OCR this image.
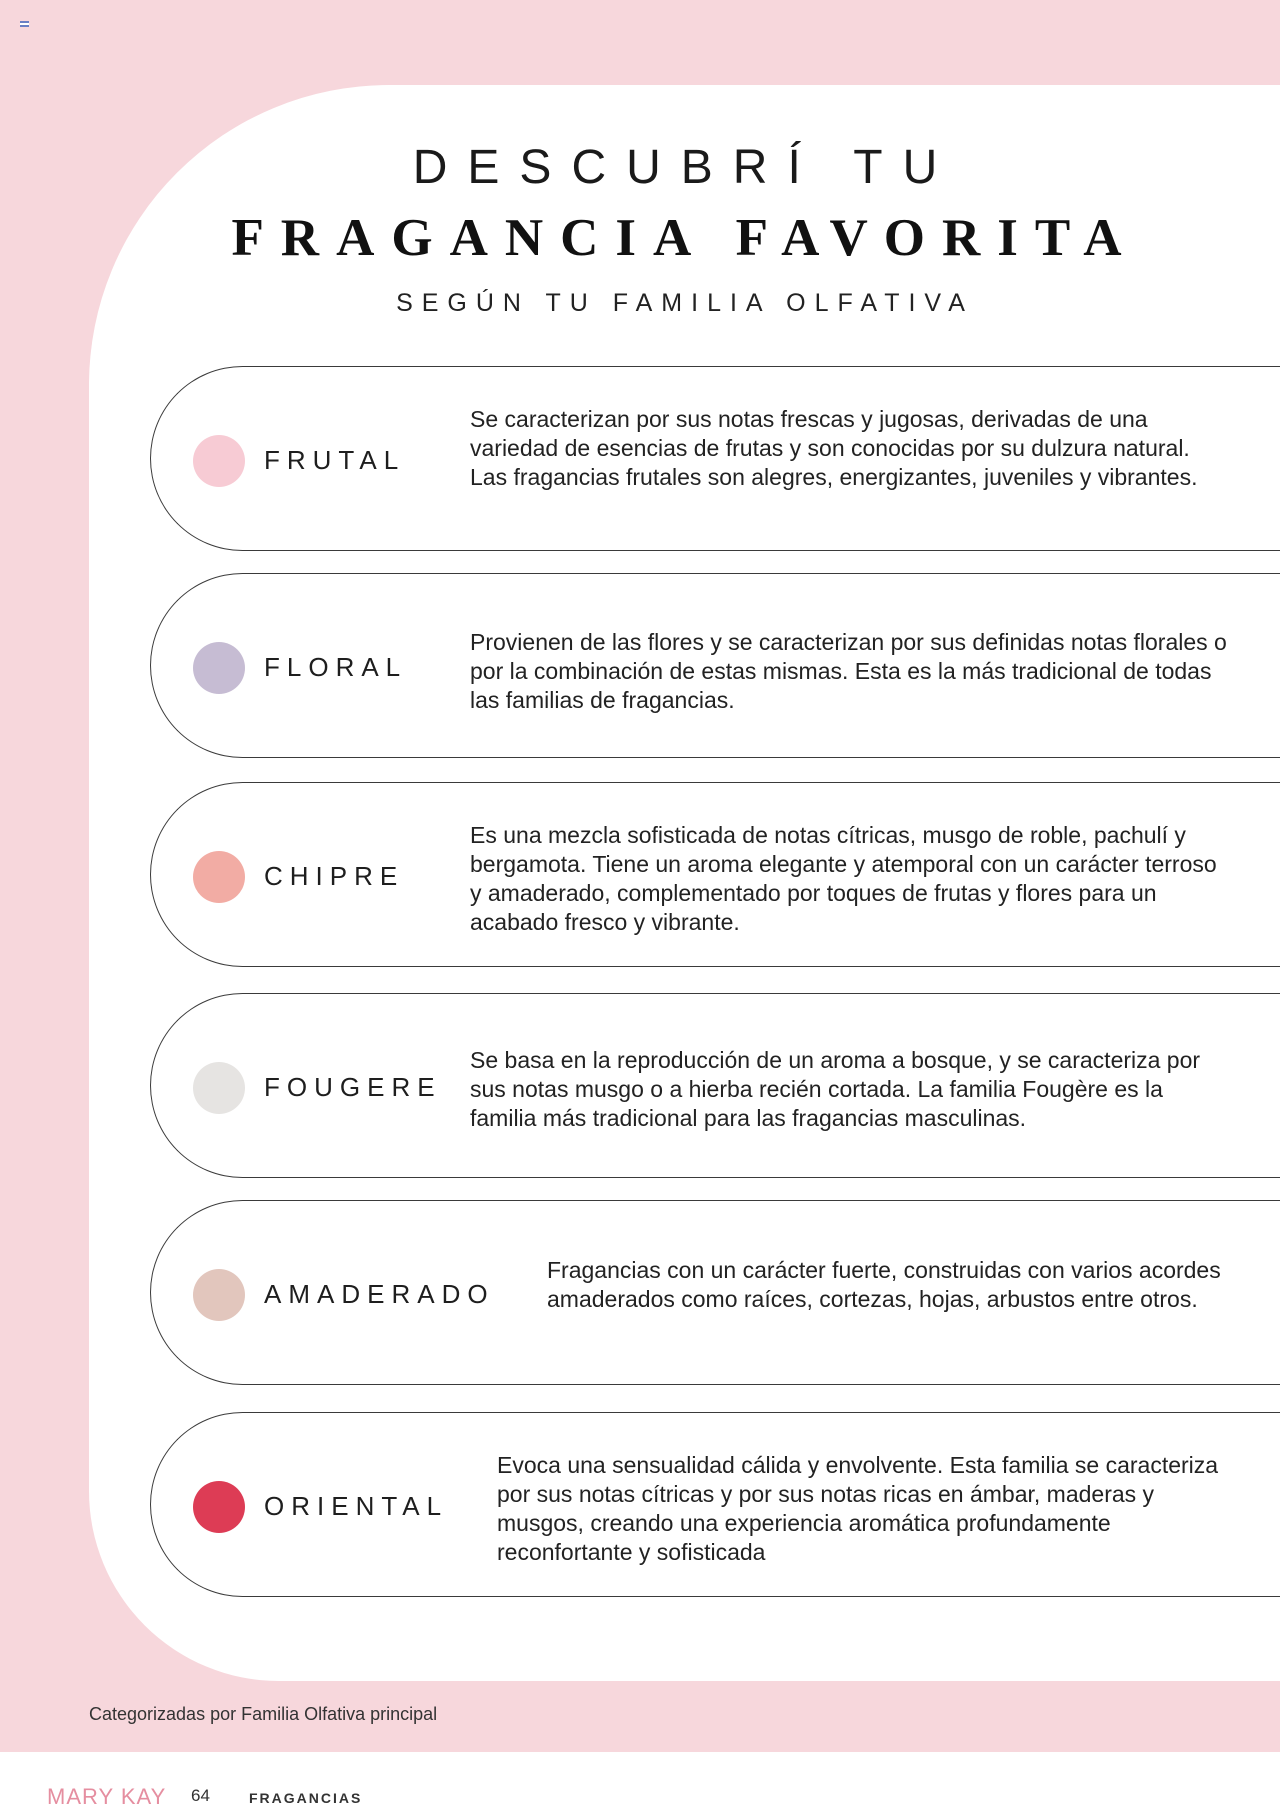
DESCUBRÍ TU
FRAGANCIA FAVORITA
SEGÚN TU FAMILIA OLFATIVA
FRUTAL
Se caracterizan por sus notas frescas y jugosas, derivadas de una variedad de esencias de frutas y son conocidas por su dulzura natural. Las fragancias frutales son alegres, energizantes, juveniles y vibrantes.
FLORAL
Provienen de las flores y se caracterizan por sus definidas notas florales o por la combinación de estas mismas. Esta es la más tradicional de todas las familias de fragancias.
CHIPRE
Es una mezcla sofisticada de notas cítricas, musgo de roble, pachulí y bergamota. Tiene un aroma elegante y atemporal con un carácter terroso y amaderado, complementado por toques de frutas y flores para un acabado fresco y vibrante.
FOUGERE
Se basa en la reproducción de un aroma a bosque, y se caracteriza por sus notas musgo o a hierba recién cortada. La familia Fougère es la familia más tradicional para las fragancias masculinas.
AMADERADO
Fragancias con un carácter fuerte, construidas con varios acordes amaderados como raíces, cortezas, hojas, arbustos entre otros.
ORIENTAL
Evoca una sensualidad cálida y envolvente. Esta familia se caracteriza por sus notas cítricas y por sus notas ricas en ámbar, maderas y musgos, creando una experiencia aromática profundamente reconfortante y sofisticada
Categorizadas por Familia Olfativa principal
MARY KAY 64	FRAGANCIAS
